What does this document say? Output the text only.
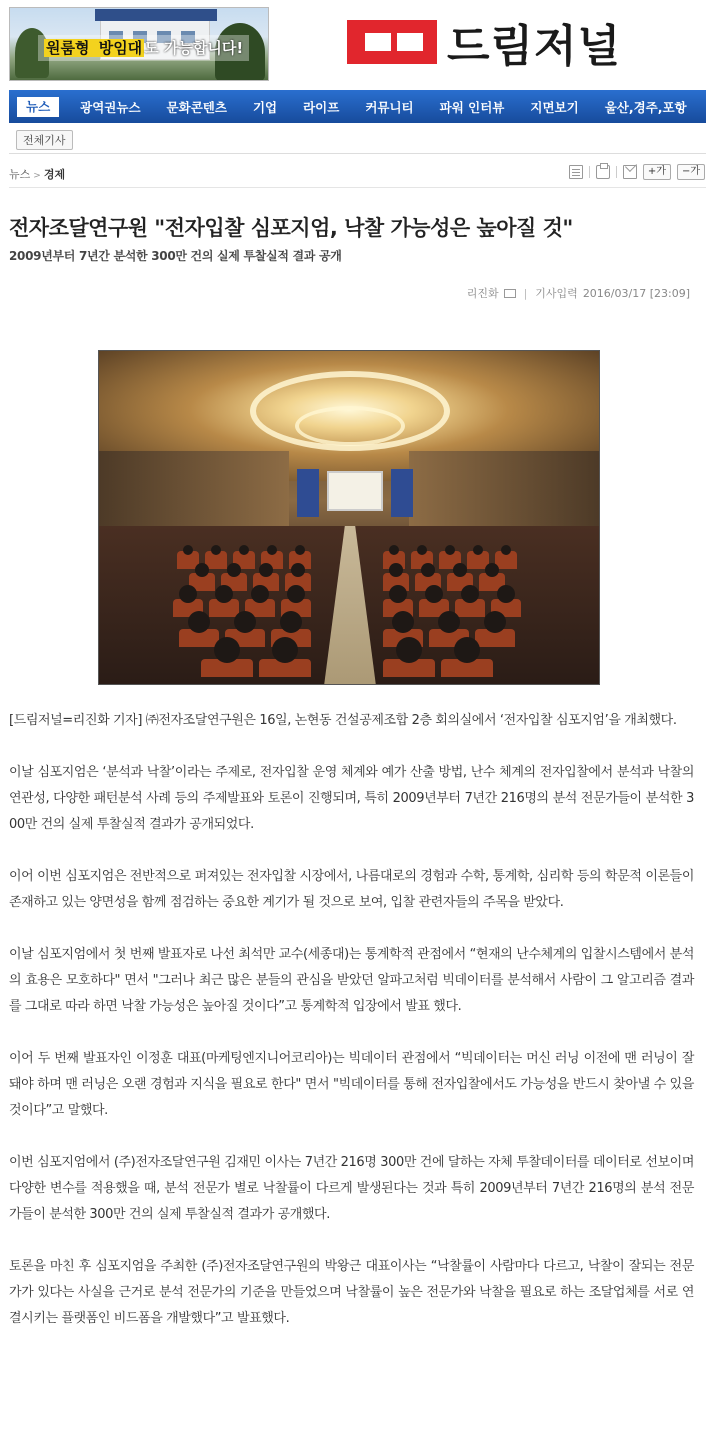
원룸형 방임대 도 가능합니다!	드림저널
뉴스	광역권뉴스	문화콘텐츠	기업	라이프	커뮤니티	파워 인터뷰	지면보기	울산,경주,포항
전체기사
뉴스 > 경제	+가	−가
전자조달연구원 "전자입찰 심포지엄, 낙찰 가능성은 높아질 것"
2009년부터 7년간 분석한 300만 건의 실제 투찰실적 결과 공개
리진화 | 기사입력 2016/03/17 [23:09]

[드림저널=리진화 기자] ㈜전자조달연구원은 16일, 논현동 건설공제조합 2층 회의실에서 ‘전자입찰 심포지엄’을 개최했다.

이날 심포지엄은 ‘분석과 낙찰’이라는 주제로, 전자입찰 운영 체계와 예가 산출 방법, 난수 체계의 전자입찰에서 분석과 낙찰의 연관성, 다양한 패턴분석 사례 등의 주제발표와 토론이 진행되며, 특히 2009년부터 7년간 216명의 분석 전문가들이 분석한 300만 건의 실제 투찰실적 결과가 공개되었다.

이어 이번 심포지엄은 전반적으로 퍼져있는 전자입찰 시장에서, 나름대로의 경험과 수학, 통계학, 심리학 등의 학문적 이론들이 존재하고 있는 양면성을 함께 점검하는 중요한 계기가 될 것으로 보여, 입찰 관련자들의 주목을 받았다.

이날 심포지엄에서 첫 번째 발표자로 나선 최석만 교수(세종대)는 통계학적 관점에서 “현재의 난수체계의 입찰시스템에서 분석의 효용은 모호하다" 면서 "그러나 최근 많은 분들의 관심을 받았던 알파고처럼 빅데이터를 분석해서 사람이 그 알고리즘 결과를 그대로 따라 하면 낙찰 가능성은 높아질 것이다”고 통계학적 입장에서 발표 했다.

이어 두 번째 발표자인 이정훈 대표(마케팅엔지니어코리아)는 빅데이터 관점에서 “빅데이터는 머신 러닝 이전에 맨 러닝이 잘 돼야 하며 맨 러닝은 오랜 경험과 지식을 필요로 한다" 면서 "빅데이터를 통해 전자입찰에서도 가능성을 반드시 찾아낼 수 있을 것이다”고 말했다.

이번 심포지엄에서 (주)전자조달연구원 김재민 이사는 7년간 216명 300만 건에 달하는 자체 투찰데이터를 데이터로 선보이며 다양한 변수를 적용했을 때, 분석 전문가 별로 낙찰률이 다르게 발생된다는 것과 특히 2009년부터 7년간 216명의 분석 전문가들이 분석한 300만 건의 실제 투찰실적 결과가 공개했다.

토론을 마친 후 심포지엄을 주최한 (주)전자조달연구원의 박왕근 대표이사는 “낙찰률이 사람마다 다르고, 낙찰이 잘되는 전문가가 있다는 사실을 근거로 분석 전문가의 기준을 만들었으며 낙찰률이 높은 전문가와 낙찰을 필요로 하는 조달업체를 서로 연결시키는 플랫폼인 비드폼을 개발했다”고 발표했다.
